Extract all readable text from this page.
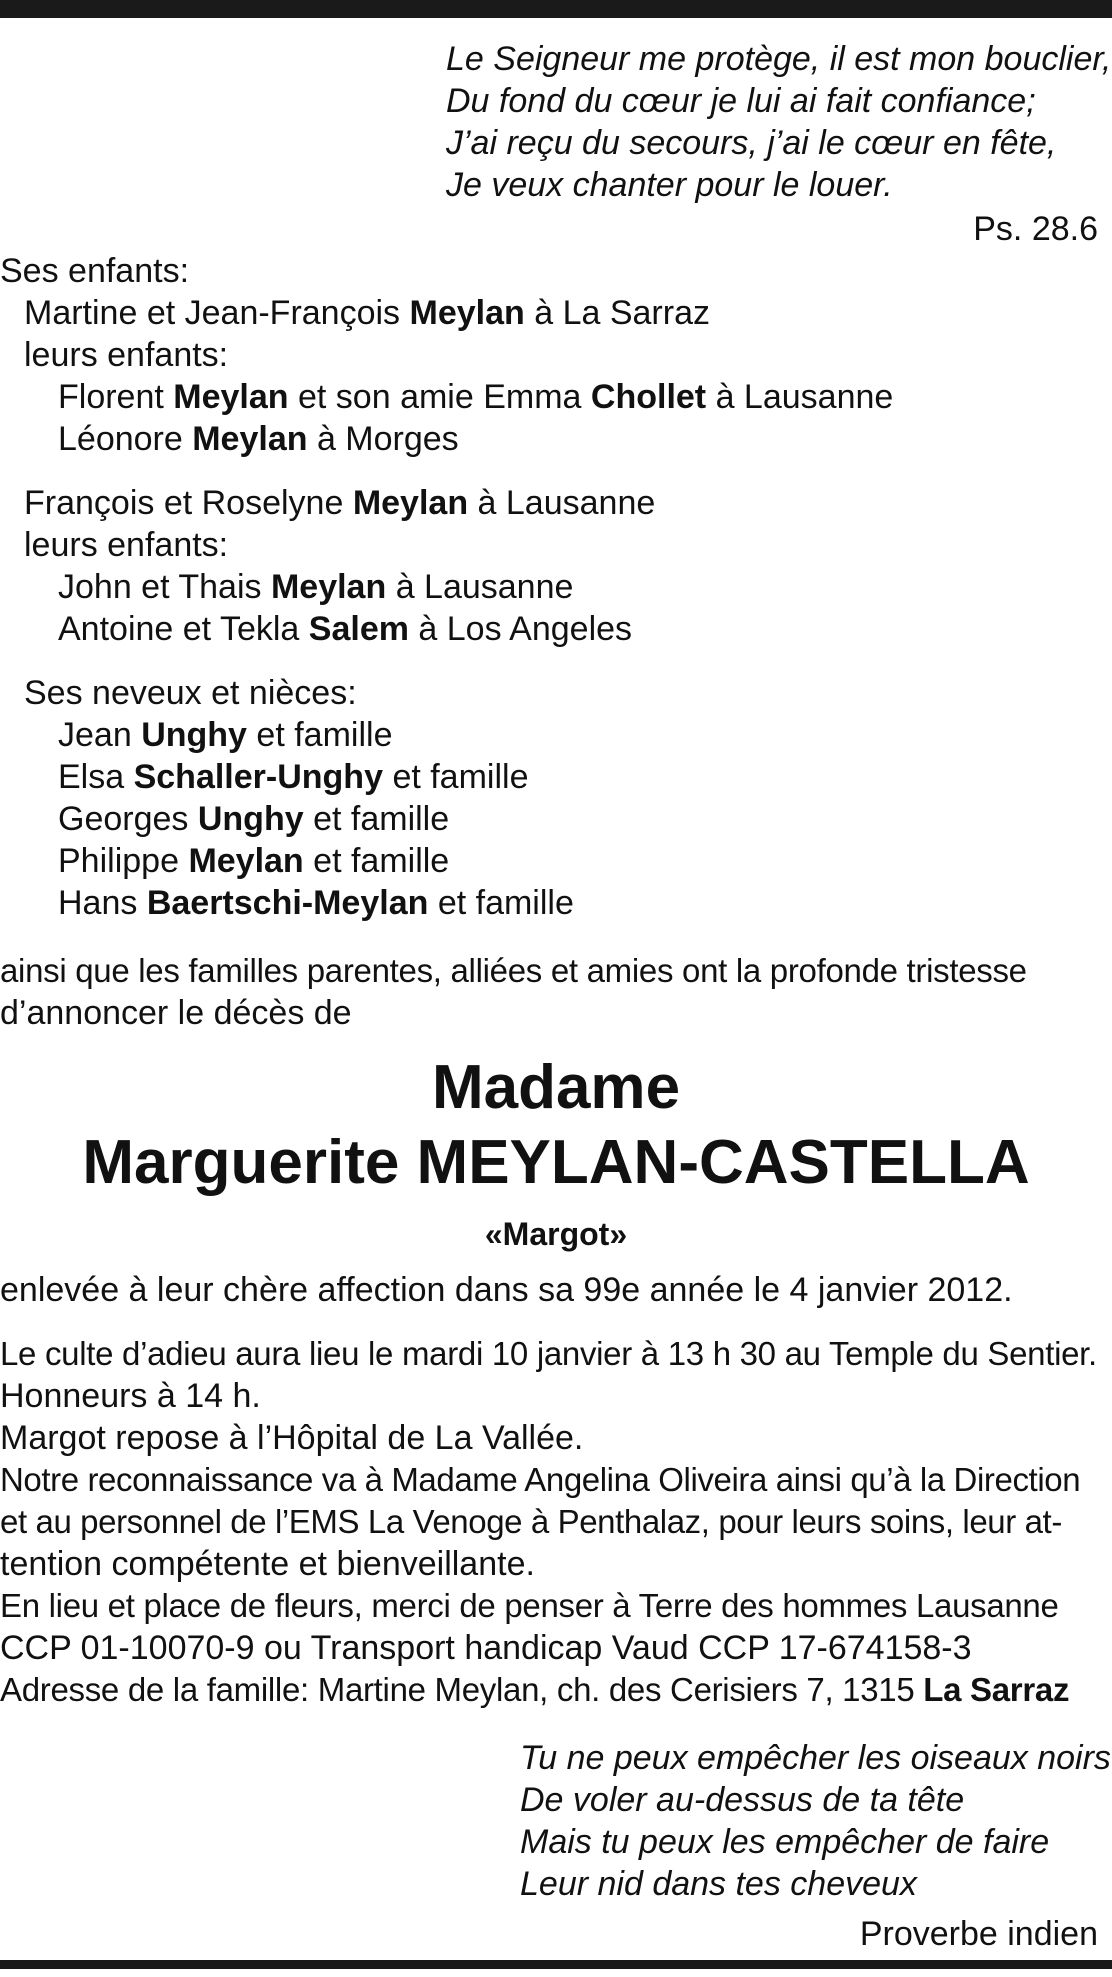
Le Seigneur me protège, il est mon bouclier,
Du fond du cœur je lui ai fait confiance;
J’ai reçu du secours, j’ai le cœur en fête,
Je veux chanter pour le louer.
Ps. 28.6
Ses enfants:
Martine et Jean-François Meylan à La Sarraz
leurs enfants:
Florent Meylan et son amie Emma Chollet à Lausanne
Léonore Meylan à Morges
François et Roselyne Meylan à Lausanne
leurs enfants:
John et Thais Meylan à Lausanne
Antoine et Tekla Salem à Los Angeles
Ses neveux et nièces:
Jean Unghy et famille
Elsa Schaller-Unghy et famille
Georges Unghy et famille
Philippe Meylan et famille
Hans Baertschi-Meylan et famille
ainsi que les familles parentes, alliées et amies ont la profonde tristesse
d’annoncer le décès de
Madame
Marguerite MEYLAN-CASTELLA
«Margot»
enlevée à leur chère affection dans sa 99e année le 4 janvier 2012.
Le culte d’adieu aura lieu le mardi 10 janvier à 13 h 30 au Temple du Sentier.
Honneurs à 14 h.
Margot repose à l’Hôpital de La Vallée.
Notre reconnaissance va à Madame Angelina Oliveira ainsi qu’à la Direction
et au personnel de l’EMS La Venoge à Penthalaz, pour leurs soins, leur at-
tention compétente et bienveillante.
En lieu et place de fleurs, merci de penser à Terre des hommes Lausanne
CCP 01-10070-9 ou Transport handicap Vaud CCP 17-674158-3
Adresse de la famille: Martine Meylan, ch. des Cerisiers 7, 1315 La Sarraz
Tu ne peux empêcher les oiseaux noirs
De voler au-dessus de ta tête
Mais tu peux les empêcher de faire
Leur nid dans tes cheveux
Proverbe indien
